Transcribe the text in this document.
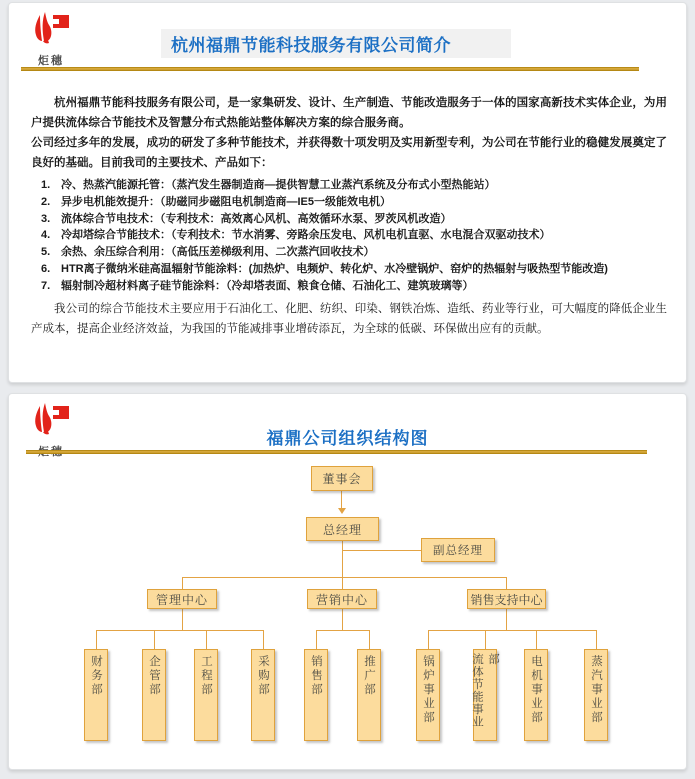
炬穗
杭州福鼎节能科技服务有限公司简介

杭州福鼎节能科技服务有限公司，是一家集研发、设计、生产制造、节能改造服务于一体的国家高新技术实体企业，为用户提供流体综合节能技术及智慧分布式热能站整体解决方案的综合服务商。

公司经过多年的发展，成功的研发了多种节能技术，并获得数十项发明及实用新型专利，为公司在节能行业的稳健发展奠定了良好的基础。目前我司的主要技术、产品如下：

1. 冷、热蒸汽能源托管：（蒸汽发生器制造商—提供智慧工业蒸汽系统及分布式小型热能站）
2. 异步电机能效提升：（助磁同步磁阻电机制造商—IE5一级能效电机）
3. 流体综合节电技术：（专利技术：高效离心风机、高效循环水泵、罗茨风机改造）
4. 冷却塔综合节能技术：（专利技术：节水消雾、旁路余压发电、风机电机直驱、水电混合双驱动技术）
5. 余热、余压综合利用：（高低压差梯级利用、二次蒸汽回收技术）
6. HTR离子微纳米硅高温辐射节能涂料：(加热炉、电频炉、转化炉、水冷壁锅炉、窑炉的热辐射与吸热型节能改造)
7. 辐射制冷超材料离子硅节能涂料：（冷却塔表面、粮食仓储、石油化工、建筑玻璃等）

我公司的综合节能技术主要应用于石油化工、化肥、纺织、印染、钢铁冶炼、造纸、药业等行业，可大幅度的降低企业生产成本，提高企业经济效益，为我国的节能减排事业增砖添瓦，为全球的低碳、环保做出应有的贡献。

福鼎公司组织结构图
董事会
总经理
副总经理
管理中心	营销中心	销售支持中心
财务部	企管部	工程部	采购部	销售部	推广部	锅炉事业部	流体节能事业部	电机事业部	蒸汽事业部
